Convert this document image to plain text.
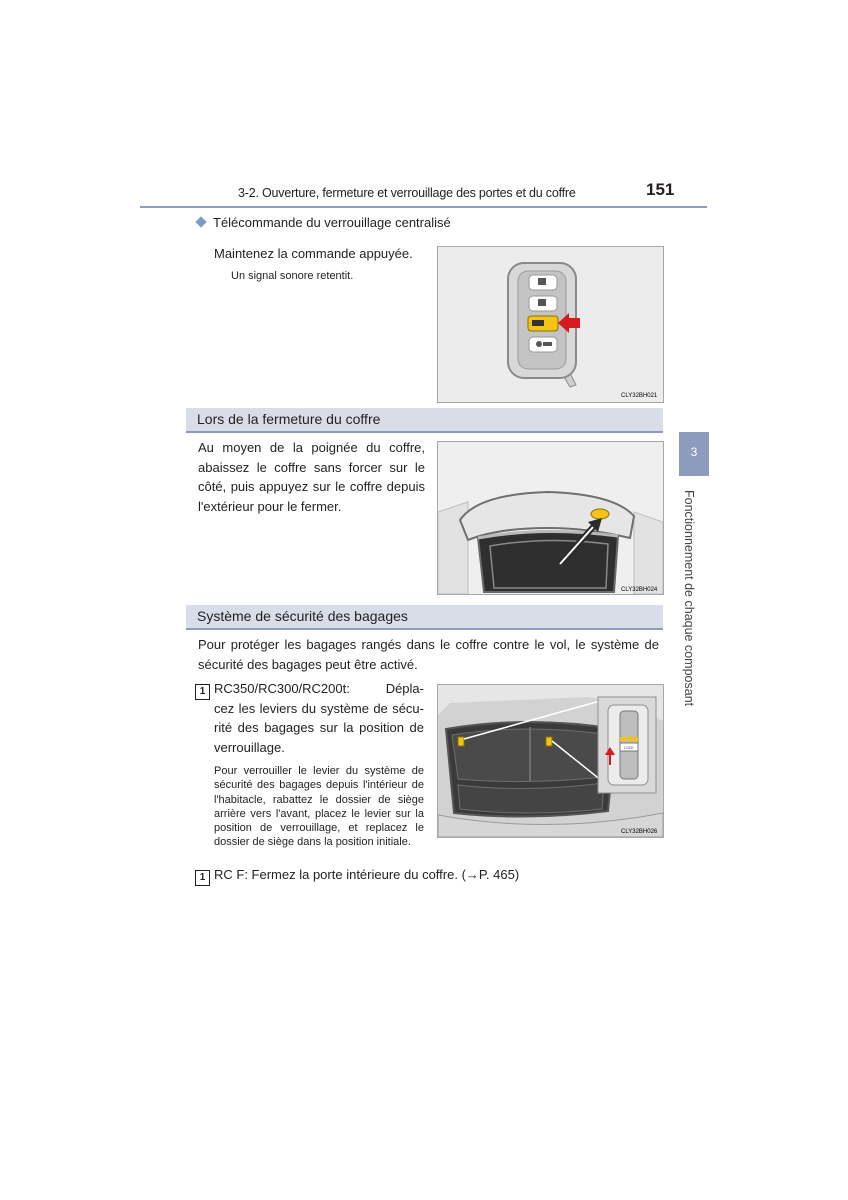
3-2. Ouverture, fermeture et verrouillage des portes et du coffre	151
Télécommande du verrouillage centralisé
Maintenez la commande appuyée.
Un signal sonore retentit.
CLY32BH021
Lors de la fermeture du coffre
Au moyen de la poignée du coffre, abaissez le coffre sans forcer sur le côté, puis appuyez sur le coffre depuis l'extérieur pour le fermer.
CLY32BH024
Système de sécurité des bagages
Pour protéger les bagages rangés dans le coffre contre le vol, le système de sécurité des bagages peut être activé.
1 RC350/RC300/RC200t: Dépla-
cez les leviers du système de sécu-
rité des bagages sur la position de
verrouillage.
Pour verrouiller le levier du système de sécurité des bagages depuis l'intérieur de l'habitacle, rabattez le dossier de siège arrière vers l'avant, placez le levier sur la position de verrouillage, et replacez le dossier de siège dans la position initiale.
LOCK
CLY32BH026
1 RC F: Fermez la porte intérieure du coffre. (→P. 465)
3
Fonctionnement de chaque composant
